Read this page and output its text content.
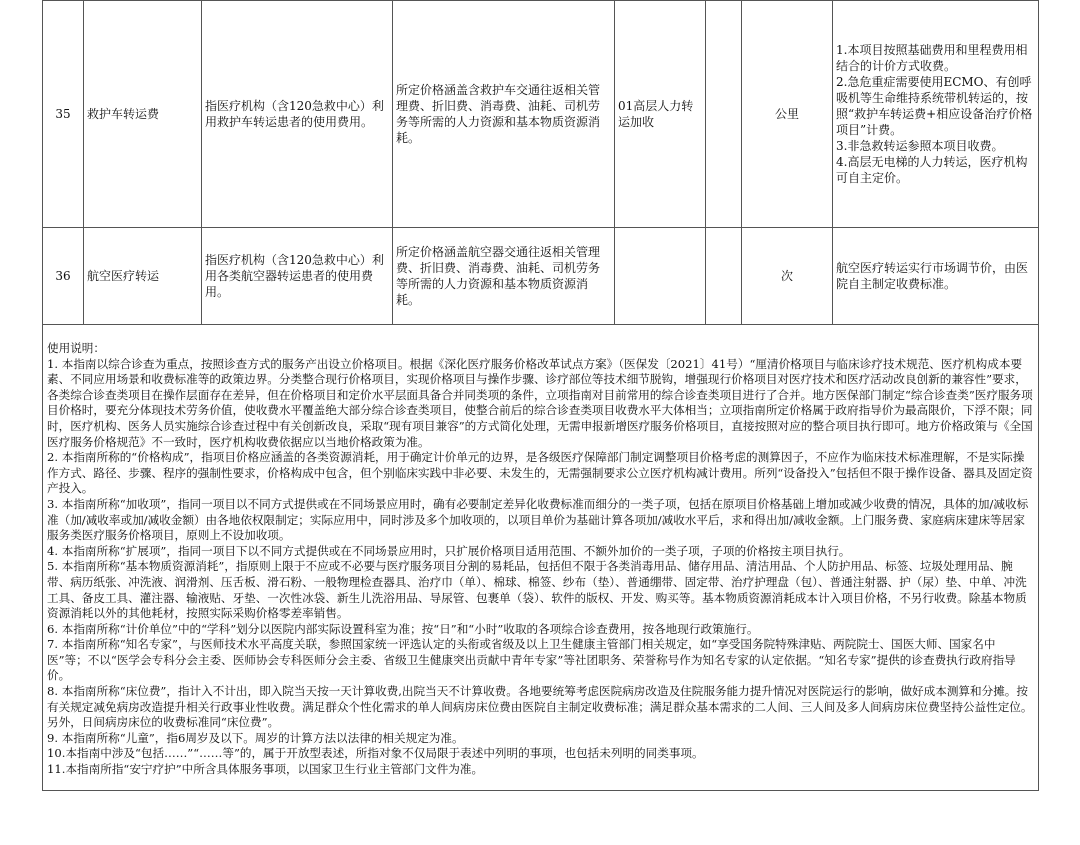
35	救护车转运费	指医疗机构（含120急救中心）利用救护车转运患者的使用费用。	所定价格涵盖含救护车交通往返相关管理费、折旧费、消毒费、油耗、司机劳务等所需的人力资源和基本物质资源消耗。	01高层人力转运加收		公里	1.本项目按照基础费用和里程费用相结合的计价方式收费。
2.急危重症需要使用ECMO、有创呼吸机等生命维持系统带机转运的，按照“救护车转运费+相应设备治疗价格项目”计费。
3.非急救转运参照本项目收费。
4.高层无电梯的人力转运，医疗机构可自主定价。

36	航空医疗转运	指医疗机构（含120急救中心）利用各类航空器转运患者的使用费用。	所定价格涵盖航空器交通往返相关管理费、折旧费、消毒费、油耗、司机劳务等所需的人力资源和基本物质资源消耗。			次	航空医疗转运实行市场调节价，由医院自主制定收费标准。

使用说明：

1. 本指南以综合诊查为重点，按照诊查方式的服务产出设立价格项目。根据《深化医疗服务价格改革试点方案》（医保发〔2021〕41号）“厘清价格项目与临床诊疗技术规范、医疗机构成本要素、不同应用场景和收费标准等的政策边界。分类整合现行价格项目，实现价格项目与操作步骤、诊疗部位等技术细节脱钩，增强现行价格项目对医疗技术和医疗活动改良创新的兼容性”要求，各类综合诊查类项目在操作层面存在差异，但在价格项目和定价水平层面具备合并同类项的条件，立项指南对目前常用的综合诊查类项目进行了合并。地方医保部门制定“综合诊查类”医疗服务项目价格时，要充分体现技术劳务价值，使收费水平覆盖绝大部分综合诊查类项目，使整合前后的综合诊查类项目收费水平大体相当；立项指南所定价格属于政府指导价为最高限价，下浮不限；同时，医疗机构、医务人员实施综合诊查过程中有关创新改良，采取“现有项目兼容”的方式简化处理，无需申报新增医疗服务价格项目，直接按照对应的整合项目执行即可。地方价格政策与《全国医疗服务价格规范》不一致时，医疗机构收费依据应以当地价格政策为准。

2. 本指南所称的“价格构成”，指项目价格应涵盖的各类资源消耗，用于确定计价单元的边界，是各级医疗保障部门制定调整项目价格考虑的测算因子，不应作为临床技术标准理解，不是实际操作方式、路径、步骤、程序的强制性要求，价格构成中包含，但个别临床实践中非必要、未发生的，无需强制要求公立医疗机构减计费用。所列“设备投入”包括但不限于操作设备、器具及固定资产投入。

3. 本指南所称“加收项”，指同一项目以不同方式提供或在不同场景应用时，确有必要制定差异化收费标准而细分的一类子项，包括在原项目价格基础上增加或减少收费的情况，具体的加/减收标准（加/减收率或加/减收金额）由各地依权限制定；实际应用中，同时涉及多个加收项的，以项目单价为基础计算各项加/减收水平后，求和得出加/减收金额。上门服务费、家庭病床建床等居家服务类医疗服务价格项目，原则上不设加收项。

4. 本指南所称“扩展项”，指同一项目下以不同方式提供或在不同场景应用时，只扩展价格项目适用范围、不额外加价的一类子项，子项的价格按主项目执行。

5. 本指南所称“基本物质资源消耗”，指原则上限于不应或不必要与医疗服务项目分割的易耗品，包括但不限于各类消毒用品、储存用品、清洁用品、个人防护用品、标签、垃圾处理用品、腕带、病历纸张、冲洗液、润滑剂、压舌板、滑石粉、一般物理检查器具、治疗巾（单）、棉球、棉签、纱布（垫）、普通绷带、固定带、治疗护理盘（包）、普通注射器、护（尿）垫、中单、冲洗工具、备皮工具、灌注器、输液贴、牙垫、一次性冰袋、新生儿洗浴用品、导尿管、包裹单（袋）、软件的版权、开发、购买等。基本物质资源消耗成本计入项目价格，不另行收费。除基本物质资源消耗以外的其他耗材，按照实际采购价格零差率销售。

6. 本指南所称“计价单位”中的“学科”划分以医院内部实际设置科室为准；按“日”和“小时”收取的各项综合诊查费用，按各地现行政策施行。

7. 本指南所称“知名专家”，与医师技术水平高度关联，参照国家统一评选认定的头衔或省级及以上卫生健康主管部门相关规定，如“享受国务院特殊津贴、两院院士、国医大师、国家名中医”等；不以“医学会专科分会主委、医师协会专科医师分会主委、省级卫生健康突出贡献中青年专家”等社团职务、荣誉称号作为知名专家的认定依据。“知名专家”提供的诊查费执行政府指导价。

8. 本指南所称“床位费”，指计入不计出，即入院当天按一天计算收费,出院当天不计算收费。各地要统筹考虑医院病房改造及住院服务能力提升情况对医院运行的影响，做好成本测算和分摊。按有关规定减免病房改造提升相关行政事业性收费。满足群众个性化需求的单人间病房床位费由医院自主制定收费标准；满足群众基本需求的二人间、三人间及多人间病房床位费坚持公益性定位。另外，日间病房床位的收费标准同“床位费”。

9. 本指南所称“儿童”，指6周岁及以下。周岁的计算方法以法律的相关规定为准。

10.本指南中涉及“包括……”“……等”的，属于开放型表述，所指对象不仅局限于表述中列明的事项，也包括未列明的同类事项。

11.本指南所指“安宁疗护”中所含具体服务事项，以国家卫生行业主管部门文件为准。
